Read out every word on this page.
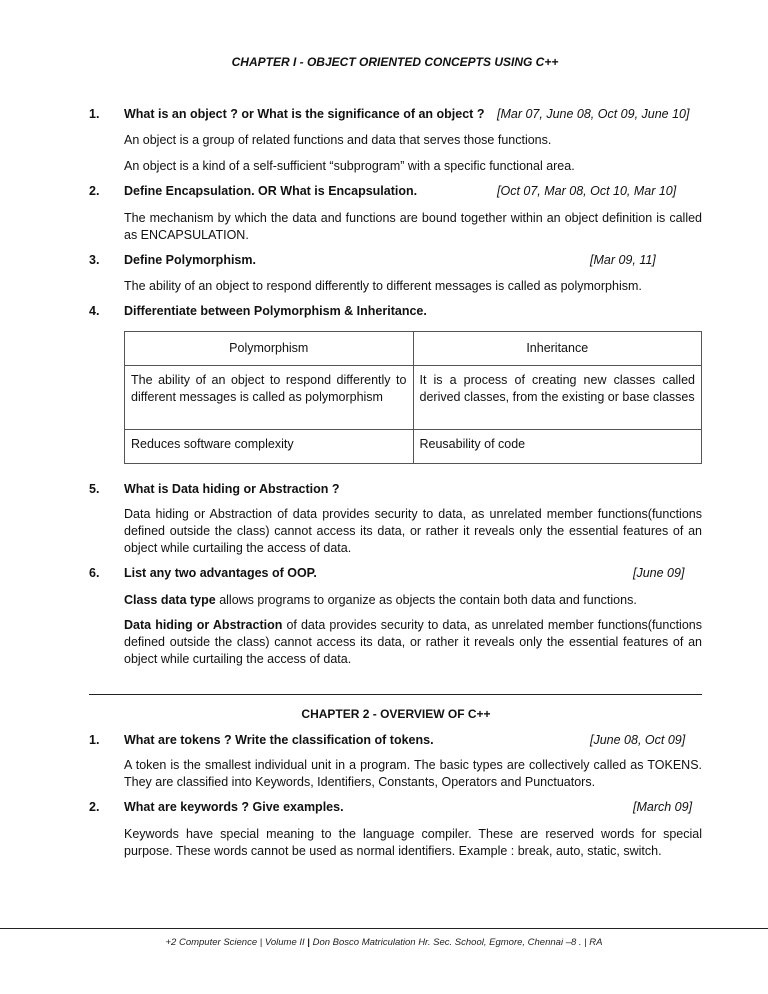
CHAPTER I - OBJECT ORIENTED CONCEPTS USING C++
1. What is an object ? or What is the significance of an object ? [Mar 07, June 08, Oct 09, June 10]
An object is a group of related functions and data that serves those functions.
An object is a kind of a self-sufficient “subprogram” with a specific functional area.
2. Define Encapsulation. OR What is Encapsulation.	[Oct 07, Mar 08, Oct 10, Mar 10]
The mechanism by which the data and functions are bound together within an object definition is called as ENCAPSULATION.
3. Define Polymorphism.	[Mar 09, 11]
The ability of an object to respond differently to different messages is called as polymorphism.
4. Differentiate between Polymorphism & Inheritance.
Polymorphism	Inheritance
The ability of an object to respond differently to different messages is called as polymorphism	It is a process of creating new classes called derived classes, from the existing or base classes
Reduces software complexity	Reusability of code
5. What is Data hiding or Abstraction ?
Data hiding or Abstraction of data provides security to data, as unrelated member functions(functions defined outside the class) cannot access its data, or rather it reveals only the essential features of an object while curtailing the access of data.
6. List any two advantages of OOP.	[June 09]
Class data type allows programs to organize as objects the contain both data and functions.
Data hiding or Abstraction of data provides security to data, as unrelated member functions(functions defined outside the class) cannot access its data, or rather it reveals only the essential features of an object while curtailing the access of data.
CHAPTER 2 - OVERVIEW OF C++
1. What are tokens ? Write the classification of tokens.	[June 08, Oct 09]
A token is the smallest individual unit in a program. The basic types are collectively called as TOKENS. They are classified into Keywords, Identifiers, Constants, Operators and Punctuators.
2. What are keywords ? Give examples.	[March 09]
Keywords have special meaning to the language compiler. These are reserved words for special purpose. These words cannot be used as normal identifiers. Example : break, auto, static, switch.
+2 Computer Science | Volume II | Don Bosco Matriculation Hr. Sec. School, Egmore, Chennai –8 . | RA
